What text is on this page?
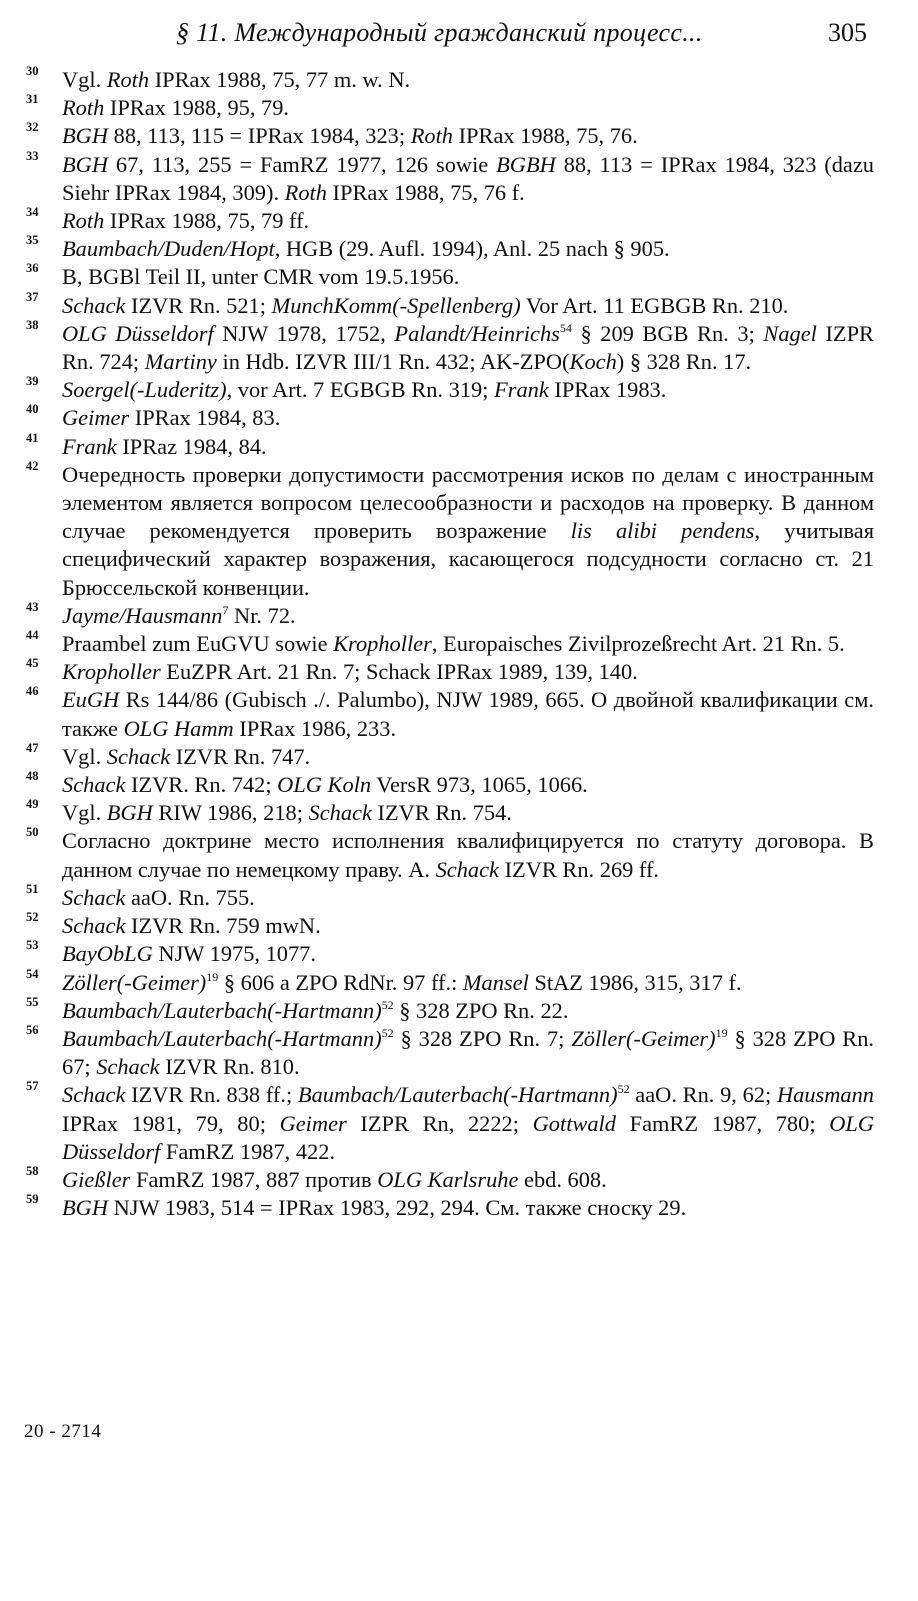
§ 11. Международный гражданский процесс...	305
30 Vgl. Roth IPRax 1988, 75, 77 m. w. N.
31 Roth IPRax 1988, 95, 79.
32 BGH 88, 113, 115 = IPRax 1984, 323; Roth IPRax 1988, 75, 76.
33 BGH 67, 113, 255 = FamRZ 1977, 126 sowie BGBH 88, 113 = IPRax 1984, 323 (dazu Siehr IPRax 1984, 309). Roth IPRax 1988, 75, 76 f.
34 Roth IPRax 1988, 75, 79 ff.
35 Baumbach/Duden/Hopt, HGB (29. Aufl. 1994), Anl. 25 nach § 905.
36 B, BGBl Teil II, unter CMR vom 19.5.1956.
37 Schack IZVR Rn. 521; MunchKomm(-Spellenberg) Vor Art. 11 EGBGB Rn. 210.
38 OLG Düsseldorf NJW 1978, 1752, Palandt/Heinrichs$^{54}$ § 209 BGB Rn. 3; Nagel IZPR Rn. 724; Martiny in Hdb. IZVR III/1 Rn. 432; AK-ZPO(Koch) § 328 Rn. 17.
39 Soergel(-Luderitz), vor Art. 7 EGBGB Rn. 319; Frank IPRax 1983.
40 Geimer IPRax 1984, 83.
41 Frank IPRaz 1984, 84.
42 Очередность проверки допустимости рассмотрения исков по делам с иностранным элементом является вопросом целесообразности и расходов на проверку. В данном случае рекомендуется проверить возражение lis alibi pendens, учитывая специфический характер возражения, касающегося подсудности согласно ст. 21 Брюссельской конвенции.
43 Jayme/Hausmann$^7$ Nr. 72.
44 Praambel zum EuGVU sowie Kropholler, Europaisches Zivilprozeßrecht Art. 21 Rn. 5.
45 Kropholler EuZPR Art. 21 Rn. 7; Schack IPRax 1989, 139, 140.
46 EuGH Rs 144/86 (Gubisch ./. Palumbo), NJW 1989, 665. О двойной квалификации см. также OLG Hamm IPRax 1986, 233.
47 Vgl. Schack IZVR Rn. 747.
48 Schack IZVR. Rn. 742; OLG Koln VersR 973, 1065, 1066.
49 Vgl. BGH RIW 1986, 218; Schack IZVR Rn. 754.
50 Согласно доктрине место исполнения квалифицируется по статуту договора. В данном случае по немецкому праву. А. Schack IZVR Rn. 269 ff.
51 Schack aaO. Rn. 755.
52 Schack IZVR Rn. 759 mwN.
53 BayObLG NJW 1975, 1077.
54 Zöller(-Geimer)$^{19}$ § 606 a ZPO RdNr. 97 ff.: Mansel StAZ 1986, 315, 317 f.
55 Baumbach/Lauterbach(-Hartmann)$^{52}$ § 328 ZPO Rn. 22.
56 Baumbach/Lauterbach(-Hartmann)$^{52}$ § 328 ZPO Rn. 7; Zöller(-Geimer)$^{19}$ § 328 ZPO Rn. 67; Schack IZVR Rn. 810.
57 Schack IZVR Rn. 838 ff.; Baumbach/Lauterbach(-Hartmann)$^{52}$ aaO. Rn. 9, 62; Hausmann IPRax 1981, 79, 80; Geimer IZPR Rn, 2222; Gottwald FamRZ 1987, 780; OLG Düsseldorf FamRZ 1987, 422.
58 Gießler FamRZ 1987, 887 против OLG Karlsruhe ebd. 608.
59 BGH NJW 1983, 514 = IPRax 1983, 292, 294. См. также сноску 29.
20 - 2714
